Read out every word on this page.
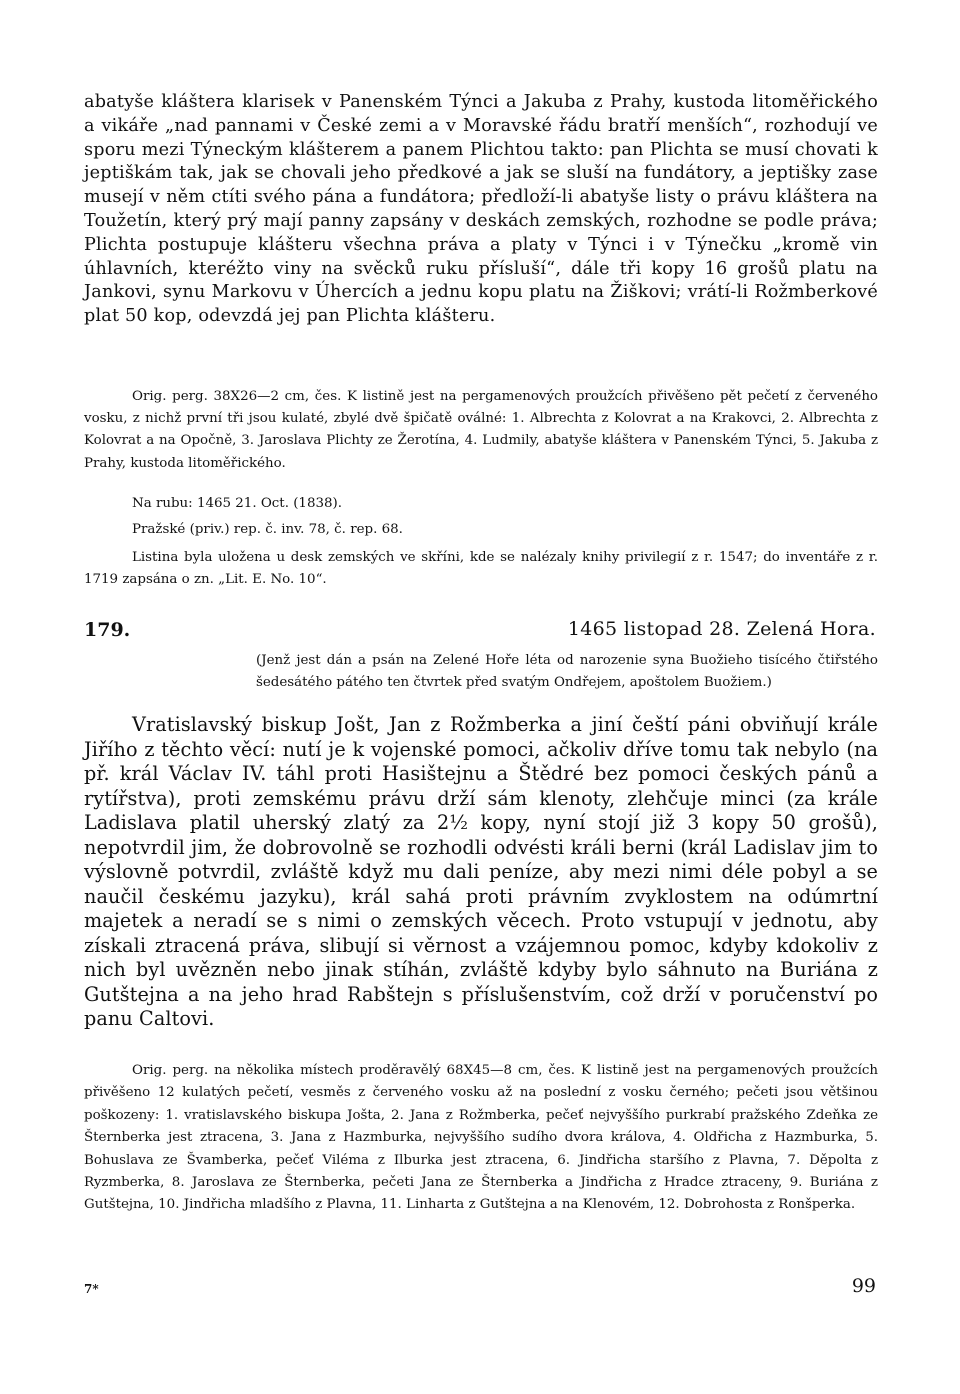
abatyše kláštera klarisek v Panenském Týnci a Jakuba z Prahy, kustoda litoměřického a vikáře „nad pannami v České zemi a v Moravské řádu bratří menších“, rozhodují ve sporu mezi Týneckým klášterem a panem Plichtou takto: pan Plichta se musí chovati k jeptiškám tak, jak se chovali jeho předkové a jak se sluší na fundátory, a jeptišky zase musejí v něm ctíti svého pána a fundátora; předloží-li abatyše listy o právu kláštera na Toužetín, který prý mají panny zapsány v deskách zemských, rozhodne se podle práva; Plichta postupuje klášteru všechna práva a platy v Týnci i v Týnečku „kromě vin úhlavních, kteréžto viny na svěcků ruku přísluší“, dále tři kopy 16 grošů platu na Jankovi, synu Markovu v Úhercích a jednu kopu platu na Žiškovi; vrátí-li Rožmberkové plat 50 kop, odevzdá jej pan Plichta klášteru.

Orig. perg. 38X26—2 cm, čes. K listině jest na pergamenových proužcích přivěšeno pět pečetí z červeného vosku, z nichž první tři jsou kulaté, zbylé dvě špičatě oválné: 1. Albrechta z Kolovrat a na Krakovci, 2. Albrechta z Kolovrat a na Opočně, 3. Jaroslava Plichty ze Žerotína, 4. Ludmily, abatyše kláštera v Panenském Týnci, 5. Jakuba z Prahy, kustoda litoměřického.

Na rubu: 1465 21. Oct. (1838).

Pražské (priv.) rep. č. inv. 78, č. rep. 68.

Listina byla uložena u desk zemských ve skříni, kde se nalézaly knihy privilegií z r. 1547; do inventáře z r. 1719 zapsána o zn. „Lit. E. No. 10“.

179.	1465 listopad 28. Zelená Hora.

(Jenž jest dán a psán na Zelené Hoře léta od narozenie syna Buožieho tisícého čtiřstého šedesátého pátého ten čtvrtek před svatým Ondřejem, apoštolem Buožiem.)

Vratislavský biskup Jošt, Jan z Rožmberka a jiní čeští páni obviňují krále Jiřího z těchto věcí: nutí je k vojenské pomoci, ačkoliv dříve tomu tak nebylo (na př. král Václav IV. táhl proti Hasištejnu a Štědré bez pomoci českých pánů a rytířstva), proti zemskému právu drží sám klenoty, zlehčuje minci (za krále Ladislava platil uherský zlatý za 2½ kopy, nyní stojí již 3 kopy 50 grošů), nepotvrdil jim, že dobrovolně se rozhodli odvésti králi berni (král Ladislav jim to výslovně potvrdil, zvláště když mu dali peníze, aby mezi nimi déle pobyl a se naučil českému jazyku), král sahá proti právním zvyklostem na odúmrtní majetek a neradí se s nimi o zemských věcech. Proto vstupují v jednotu, aby získali ztracená práva, slibují si věrnost a vzájemnou pomoc, kdyby kdokoliv z nich byl uvězněn nebo jinak stíhán, zvláště kdyby bylo sáhnuto na Buriána z Gutštejna a na jeho hrad Rabštejn s příslušenstvím, což drží v poručenství po panu Caltovi.

Orig. perg. na několika místech proděravělý 68X45—8 cm, čes. K listině jest na pergamenových proužcích přivěšeno 12 kulatých pečetí, vesměs z červeného vosku až na poslední z vosku černého; pečeti jsou většinou poškozeny: 1. vratislavského biskupa Jošta, 2. Jana z Rožmberka, pečeť nejvyššího purkrabí pražského Zdeňka ze Šternberka jest ztracena, 3. Jana z Hazmburka, nejvyššího sudího dvora králova, 4. Oldřicha z Hazmburka, 5. Bohuslava ze Švamberka, pečeť Viléma z Ilburka jest ztracena, 6. Jindřicha staršího z Plavna, 7. Děpolta z Ryzmberka, 8. Jaroslava ze Šternberka, pečeti Jana ze Šternberka a Jindřicha z Hradce ztraceny, 9. Buriána z Gutštejna, 10. Jindřicha mladšího z Plavna, 11. Linharta z Gutštejna a na Klenovém, 12. Dobrohosta z Ronšperka.

7*	99
